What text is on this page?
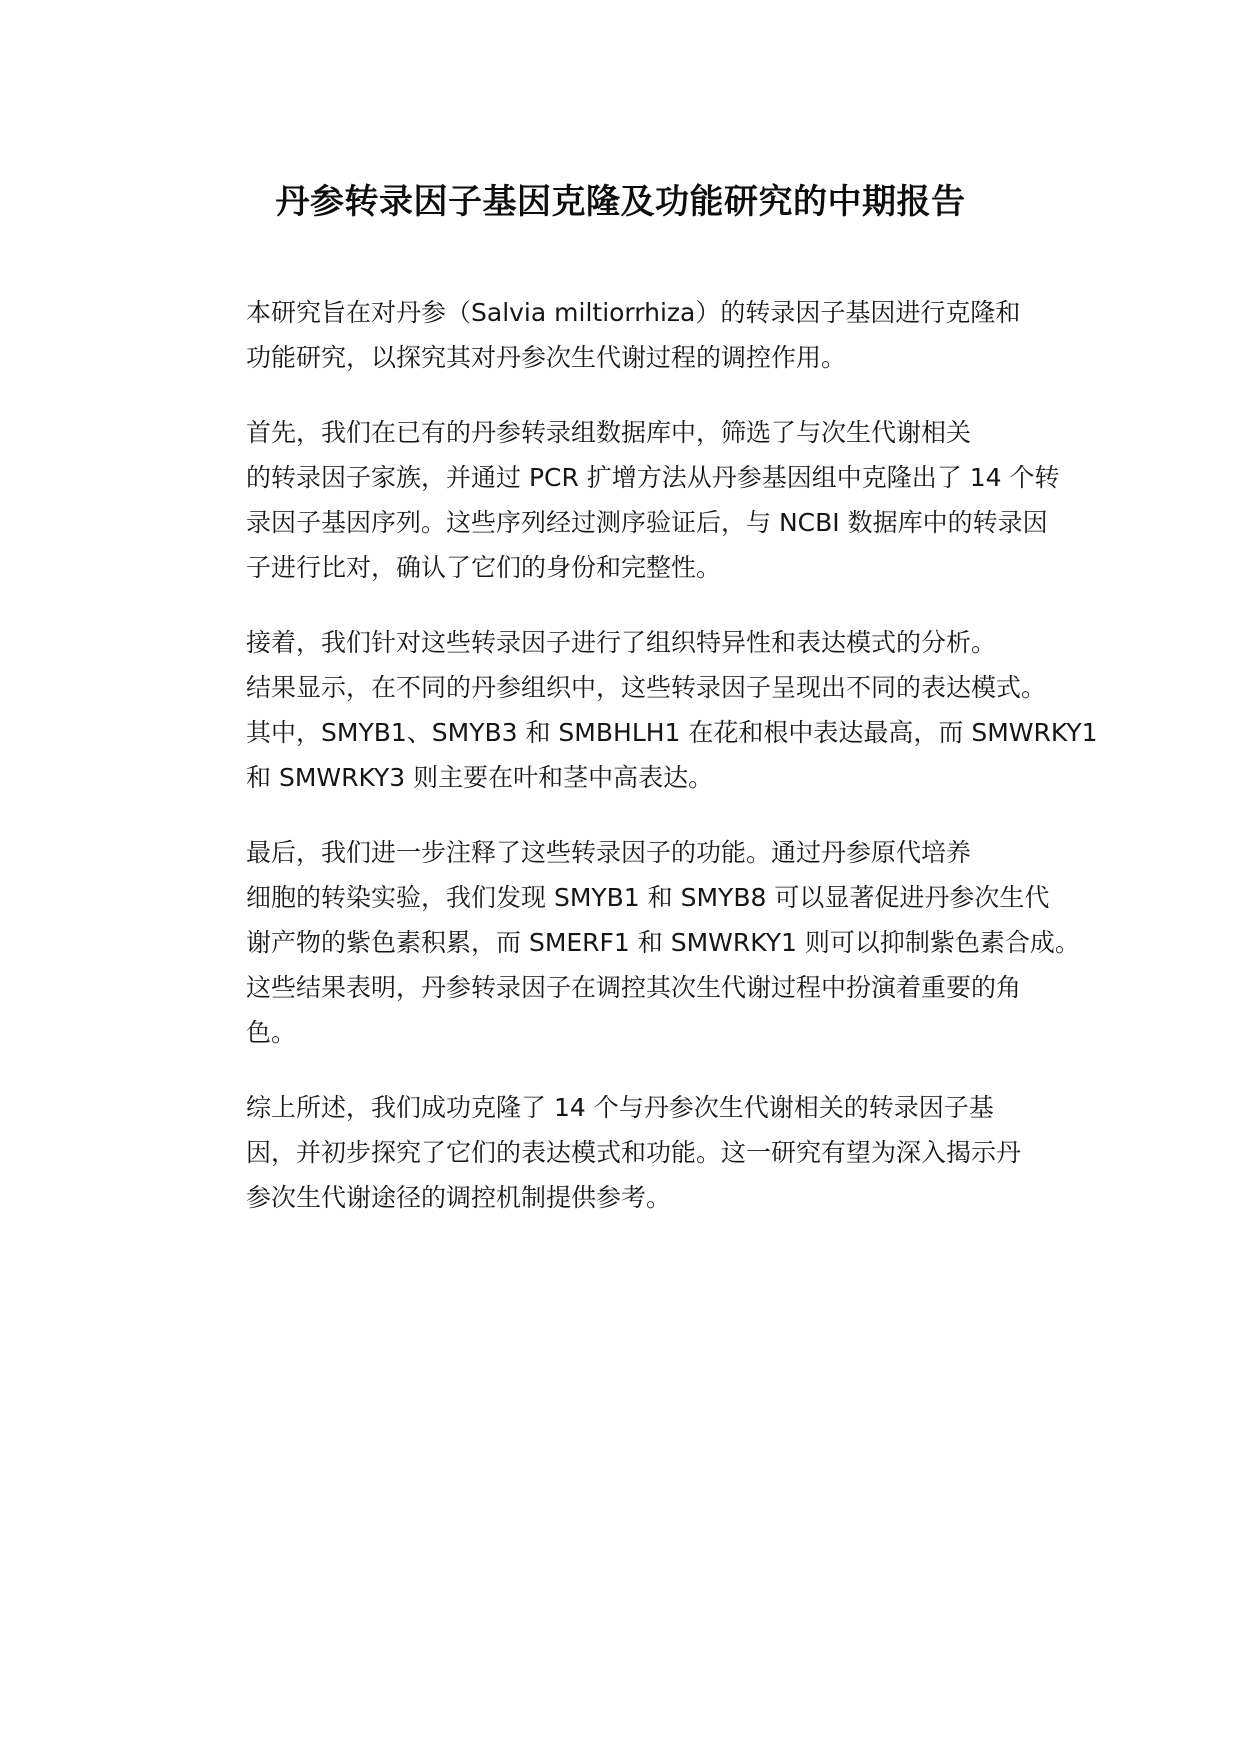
丹参转录因子基因克隆及功能研究的中期报告

本研究旨在对丹参（Salvia miltiorrhiza）的转录因子基因进行克隆和
功能研究，以探究其对丹参次生代谢过程的调控作用。

首先，我们在已有的丹参转录组数据库中，筛选了与次生代谢相关
的转录因子家族，并通过 PCR 扩增方法从丹参基因组中克隆出了 14 个转
录因子基因序列。这些序列经过测序验证后，与 NCBI 数据库中的转录因
子进行比对，确认了它们的身份和完整性。

接着，我们针对这些转录因子进行了组织特异性和表达模式的分析。
结果显示，在不同的丹参组织中，这些转录因子呈现出不同的表达模式。
其中，SMYB1、SMYB3 和 SMBHLH1 在花和根中表达最高，而 SMWRKY1
和 SMWRKY3 则主要在叶和茎中高表达。

最后，我们进一步注释了这些转录因子的功能。通过丹参原代培养
细胞的转染实验，我们发现 SMYB1 和 SMYB8 可以显著促进丹参次生代
谢产物的紫色素积累，而 SMERF1 和 SMWRKY1 则可以抑制紫色素合成。
这些结果表明，丹参转录因子在调控其次生代谢过程中扮演着重要的角
色。

综上所述，我们成功克隆了 14 个与丹参次生代谢相关的转录因子基
因，并初步探究了它们的表达模式和功能。这一研究有望为深入揭示丹
参次生代谢途径的调控机制提供参考。
